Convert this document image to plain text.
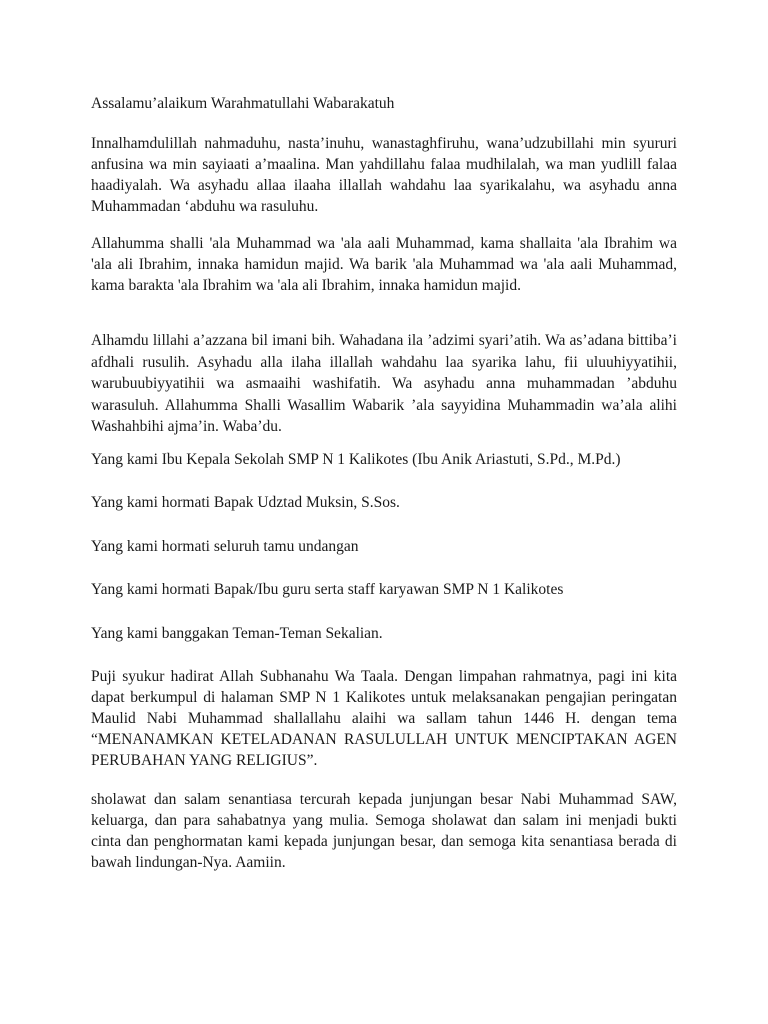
Assalamu’alaikum Warahmatullahi Wabarakatuh

Innalhamdulillah nahmaduhu, nasta’inuhu, wanastaghfiruhu, wana’udzubillahi min syururi anfusina wa min sayiaati a’maalina. Man yahdillahu falaa mudhilalah, wa man yudlill falaa haadiyalah. Wa asyhadu allaa ilaaha illallah wahdahu laa syarikalahu, wa asyhadu anna Muhammadan ‘abduhu wa rasuluhu.

Allahumma shalli 'ala Muhammad wa 'ala aali Muhammad, kama shallaita 'ala Ibrahim wa 'ala ali Ibrahim, innaka hamidun majid. Wa barik 'ala Muhammad wa 'ala aali Muhammad, kama barakta 'ala Ibrahim wa 'ala ali Ibrahim, innaka hamidun majid.

Alhamdu lillahi a’azzana bil imani bih. Wahadana ila ’adzimi syari’atih. Wa as’adana bittiba’i afdhali rusulih. Asyhadu alla ilaha illallah wahdahu laa syarika lahu, fii uluuhiyyatihii, warubuubiyyatihii wa asmaaihi washifatih. Wa asyhadu anna muhammadan ’abduhu warasuluh. Allahumma Shalli Wasallim Wabarik ’ala sayyidina Muhammadin wa’ala alihi Washahbihi ajma’in. Waba’du.

Yang kami Ibu Kepala Sekolah SMP N 1 Kalikotes (Ibu Anik Ariastuti, S.Pd., M.Pd.)

Yang kami hormati Bapak Udztad Muksin, S.Sos.

Yang kami hormati seluruh tamu undangan

Yang kami hormati Bapak/Ibu guru serta staff karyawan SMP N 1 Kalikotes

Yang kami banggakan Teman-Teman Sekalian.

Puji syukur hadirat Allah Subhanahu Wa Taala. Dengan limpahan rahmatnya, pagi ini kita dapat berkumpul di halaman SMP N 1 Kalikotes untuk melaksanakan pengajian peringatan Maulid Nabi Muhammad shallallahu alaihi wa sallam tahun 1446 H. dengan tema “MENANAMKAN KETELADANAN RASULULLAH UNTUK MENCIPTAKAN AGEN PERUBAHAN YANG RELIGIUS”.

sholawat dan salam senantiasa tercurah kepada junjungan besar Nabi Muhammad SAW, keluarga, dan para sahabatnya yang mulia. Semoga sholawat dan salam ini menjadi bukti cinta dan penghormatan kami kepada junjungan besar, dan semoga kita senantiasa berada di bawah lindungan-Nya. Aamiin.
